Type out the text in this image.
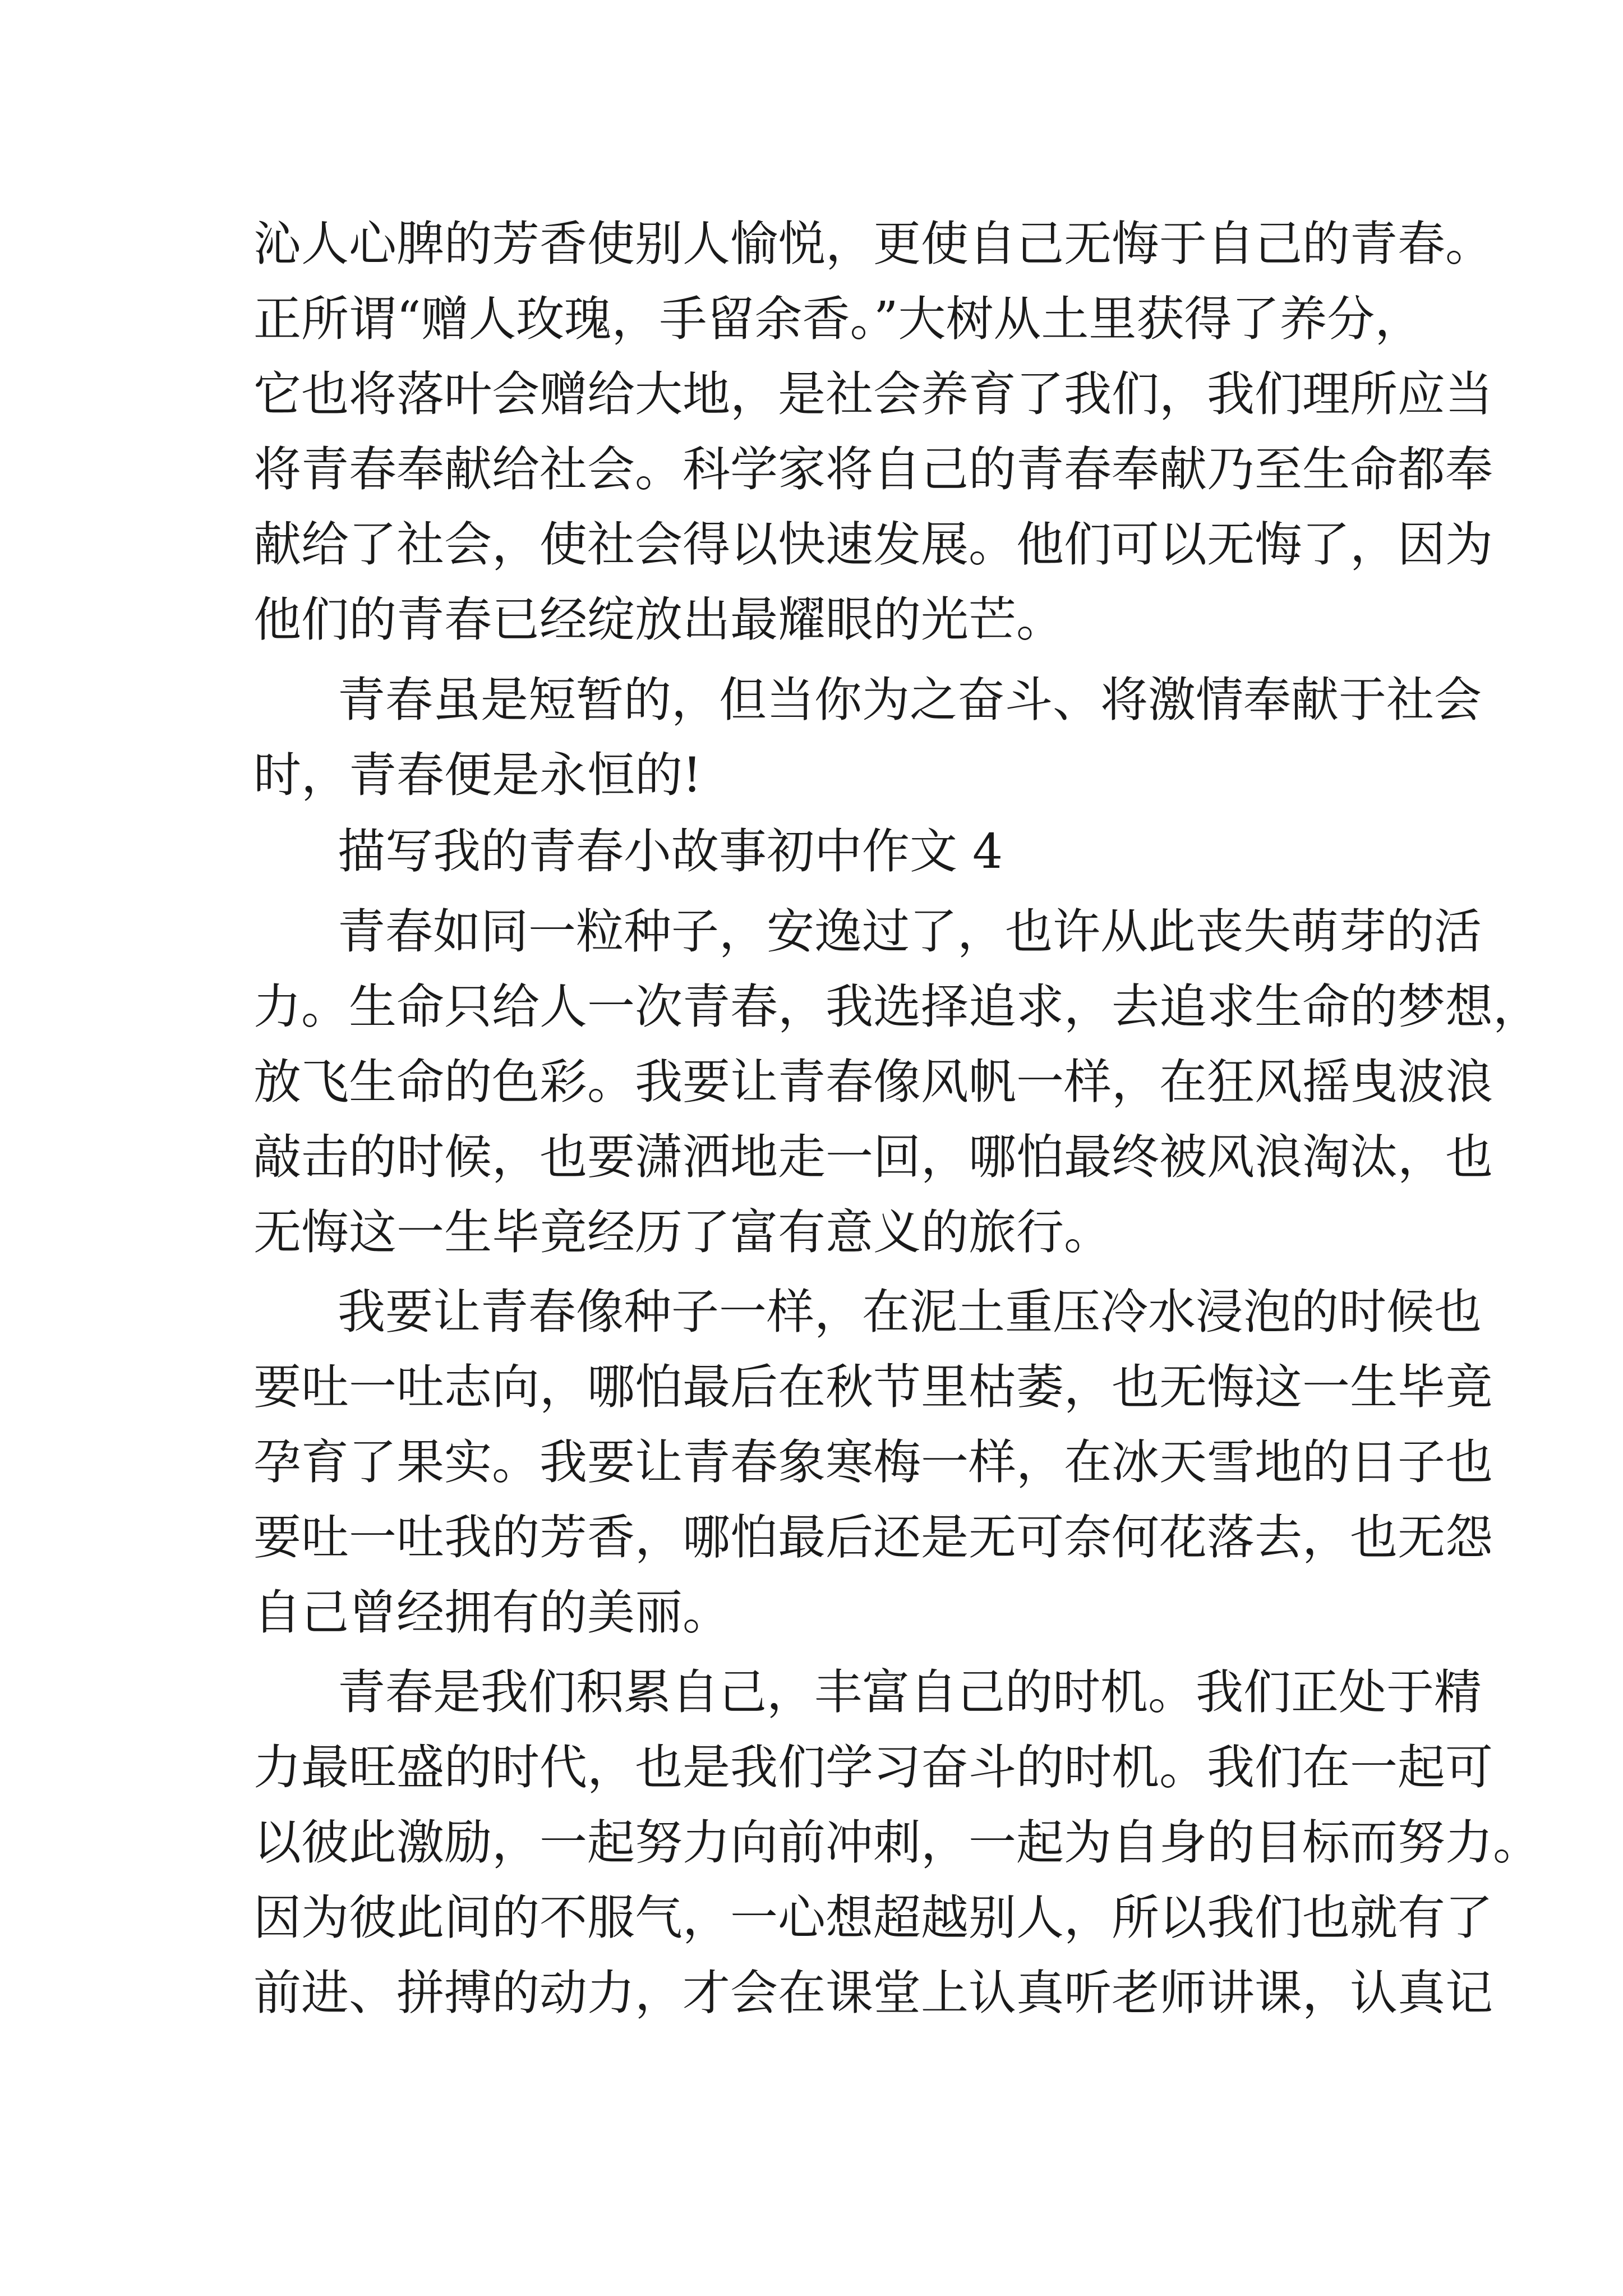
沁人心脾的芳香使别人愉悦，更使自己无悔于自己的青春。
正所谓“赠人玫瑰，手留余香。”大树从土里获得了养分，
它也将落叶会赠给大地，是社会养育了我们，我们理所应当
将青春奉献给社会。科学家将自己的青春奉献乃至生命都奉
献给了社会，使社会得以快速发展。他们可以无悔了，因为
他们的青春已经绽放出最耀眼的光芒。
青春虽是短暂的，但当你为之奋斗、将激情奉献于社会
时，青春便是永恒的!
描写我的青春小故事初中作文 4
青春如同一粒种子，安逸过了，也许从此丧失萌芽的活
力。生命只给人一次青春，我选择追求，去追求生命的梦想，
放飞生命的色彩。我要让青春像风帆一样，在狂风摇曳波浪
敲击的时候，也要潇洒地走一回，哪怕最终被风浪淘汰，也
无悔这一生毕竟经历了富有意义的旅行。
我要让青春像种子一样，在泥土重压冷水浸泡的时候也
要吐一吐志向，哪怕最后在秋节里枯萎，也无悔这一生毕竟
孕育了果实。我要让青春象寒梅一样，在冰天雪地的日子也
要吐一吐我的芳香，哪怕最后还是无可奈何花落去，也无怨
自己曾经拥有的美丽。
青春是我们积累自己，丰富自己的时机。我们正处于精
力最旺盛的时代，也是我们学习奋斗的时机。我们在一起可
以彼此激励，一起努力向前冲刺，一起为自身的目标而努力。
因为彼此间的不服气，一心想超越别人，所以我们也就有了
前进、拼搏的动力，才会在课堂上认真听老师讲课，认真记
